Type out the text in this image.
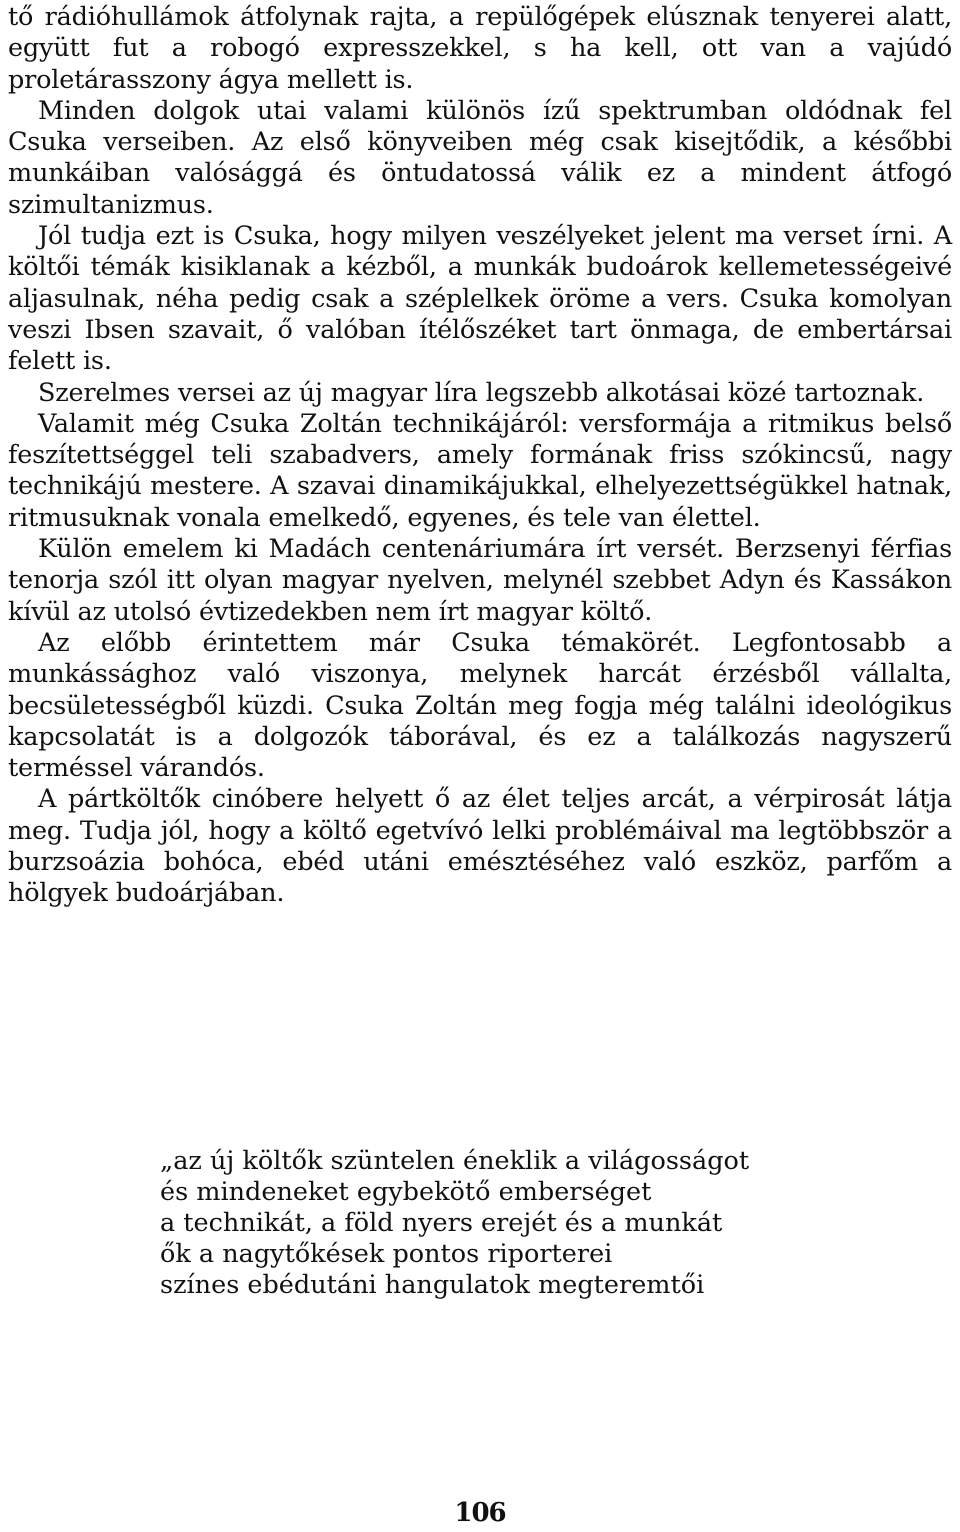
tő rádióhullámok átfolynak rajta, a repülőgépek elúsznak tenyerei alatt, együtt fut a robogó expresszekkel, s ha kell, ott van a vajúdó proletárasszony ágya mellett is.

Minden dolgok utai valami különös ízű spektrumban oldódnak fel Csuka verseiben. Az első könyveiben még csak kisejtődik, a későbbi munkáiban valósággá és öntudatossá válik ez a mindent átfogó szimultanizmus.

Jól tudja ezt is Csuka, hogy milyen veszélyeket jelent ma verset írni. A költői témák kisiklanak a kézből, a munkák budoárok kellemetességeivé aljasulnak, néha pedig csak a széplelkek öröme a vers. Csuka komolyan veszi Ibsen szavait, ő valóban ítélőszéket tart önmaga, de embertársai felett is.

Szerelmes versei az új magyar líra legszebb alkotásai közé tartoznak.

Valamit még Csuka Zoltán technikájáról: versformája a ritmikus belső feszítettséggel teli szabadvers, amely formának friss szókincsű, nagy technikájú mestere. A szavai dinamikájukkal, elhelyezettségükkel hatnak, ritmusuknak vonala emelkedő, egyenes, és tele van élettel.

Külön emelem ki Madách centenáriumára írt versét. Berzsenyi férfias tenorja szól itt olyan magyar nyelven, melynél szebbet Adyn és Kassákon kívül az utolsó évtizedekben nem írt magyar költő.

Az előbb érintettem már Csuka témakörét. Legfontosabb a munkássághoz való viszonya, melynek harcát érzésből vállalta, becsületességből küzdi. Csuka Zoltán meg fogja még találni ideológikus kapcsolatát is a dolgozók táborával, és ez a találkozás nagyszerű terméssel várandós.

A pártköltők cinóbere helyett ő az élet teljes arcát, a vérpirosát látja meg. Tudja jól, hogy a költő egetvívó lelki problémáival ma legtöbbször a burzsoázia bohóca, ebéd utáni emésztéséhez való eszköz, parfőm a hölgyek budoárjában.

„az új költők szüntelen éneklik a világosságot
és mindeneket egybekötő emberséget
a technikát, a föld nyers erejét és a munkát
ők a nagytőkések pontos riporterei
színes ebédutáni hangulatok megteremtői
106
